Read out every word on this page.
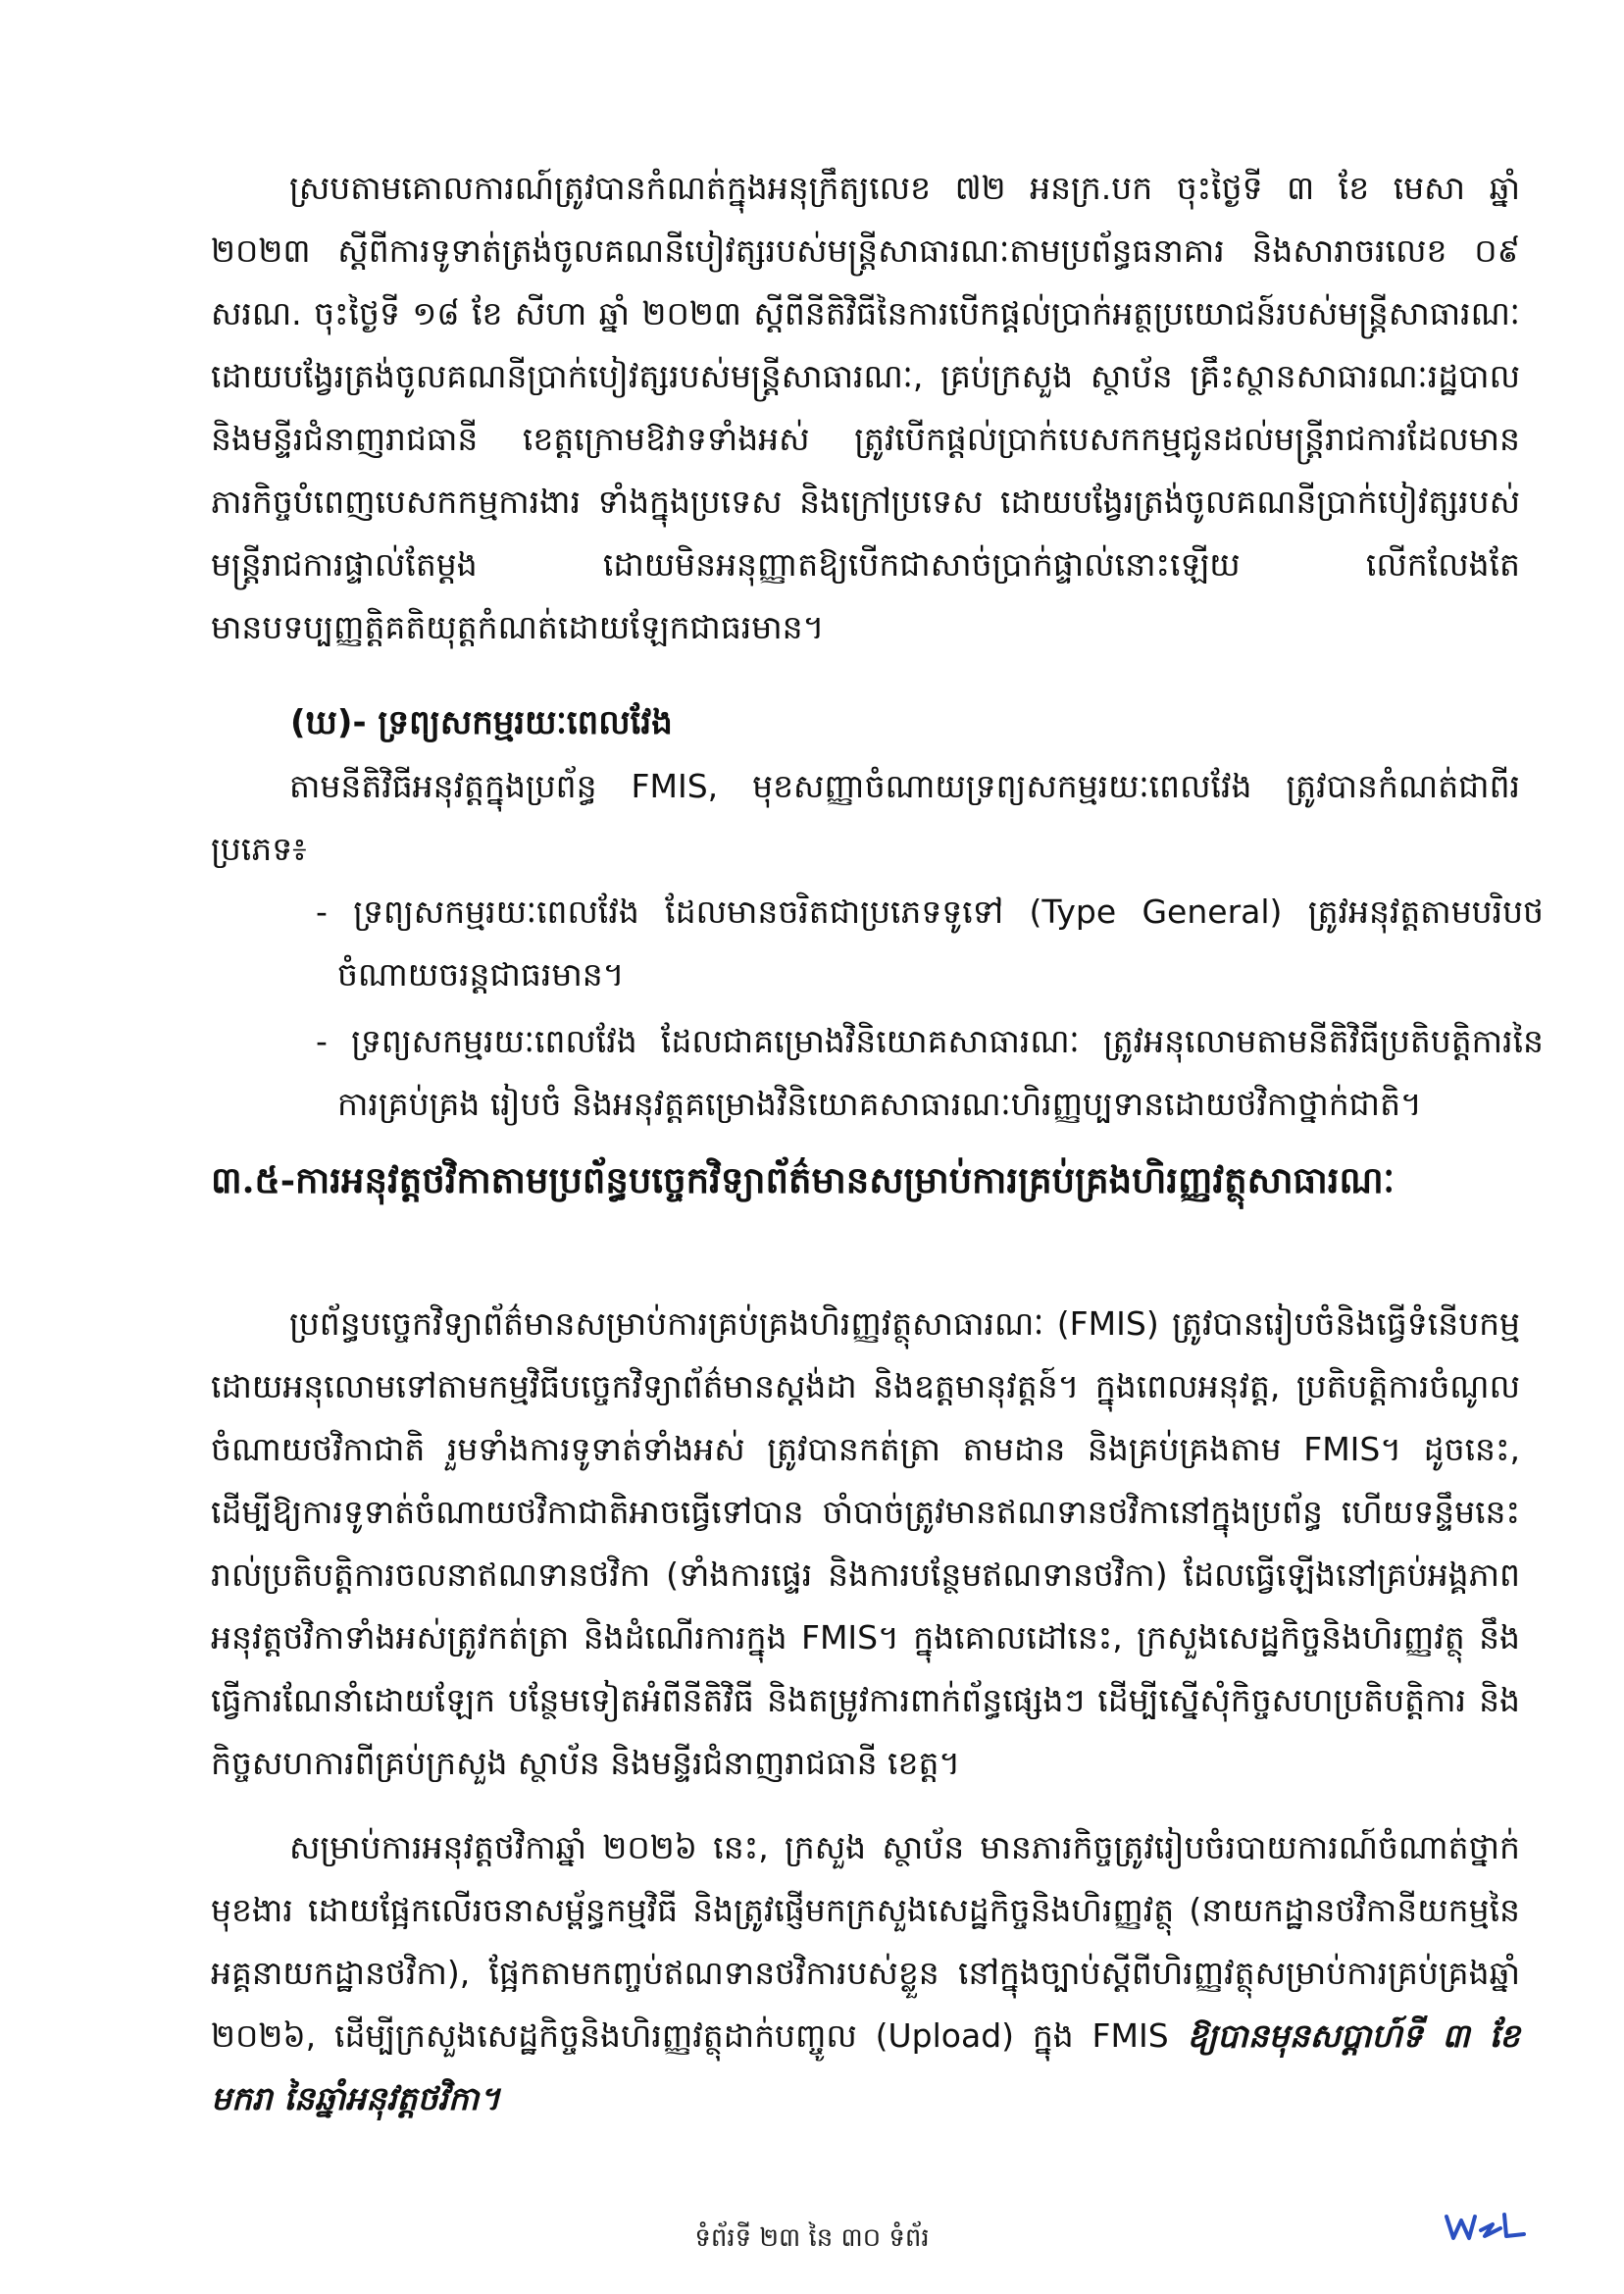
ស្របតាមគោលការណ៍ត្រូវបានកំណត់ក្នុងអនុក្រឹត្យលេខ ៧២ អនក្រ.បក ចុះថ្ងៃទី ៣ ខែ មេសា ឆ្នាំ ២០២៣ ស្ដីពីការទូទាត់ត្រង់ចូលគណនីបៀវត្សរបស់មន្ត្រីសាធារណៈតាមប្រព័ន្ធធនាគារ និងសារាចរលេខ ០៩ សរណ. ចុះថ្ងៃទី ១៨ ខែ សីហា ឆ្នាំ ២០២៣ ស្ដីពីនីតិវិធីនៃការបើកផ្ដល់ប្រាក់អត្ថប្រយោជន៍របស់មន្ត្រីសាធារណៈដោយបង្វែរត្រង់ចូលគណនីប្រាក់បៀវត្សរបស់មន្ត្រីសាធារណៈ, គ្រប់ក្រសួង ស្ថាប័ន គ្រឹះស្ថានសាធារណៈរដ្ឋបាល និងមន្ទីរជំនាញរាជធានី ខេត្តក្រោមឱវាទទាំងអស់ ត្រូវបើកផ្ដល់ប្រាក់បេសកកម្មជូនដល់មន្ត្រីរាជការដែលមានភារកិច្ចបំពេញបេសកកម្មការងារ ទាំងក្នុងប្រទេស និងក្រៅប្រទេស ដោយបង្វែរត្រង់ចូលគណនីប្រាក់បៀវត្សរបស់មន្ត្រីរាជការផ្ទាល់តែម្ដង ដោយមិនអនុញ្ញាតឱ្យបើកជាសាច់ប្រាក់ផ្ទាល់នោះឡើយ លើកលែងតែមានបទប្បញ្ញត្តិគតិយុត្តកំណត់ដោយឡែកជាធរមាន។

(ឃ)- ទ្រព្យសកម្មរយៈពេលវែង

តាមនីតិវិធីអនុវត្តក្នុងប្រព័ន្ធ FMIS, មុខសញ្ញាចំណាយទ្រព្យសកម្មរយៈពេលវែង ត្រូវបានកំណត់ជាពីរប្រភេទ៖

- ទ្រព្យសកម្មរយៈពេលវែង ដែលមានចរិតជាប្រភេទទូទៅ (Type General) ត្រូវអនុវត្តតាមបរិបថចំណាយចរន្តជាធរមាន។

- ទ្រព្យសកម្មរយៈពេលវែង ដែលជាគម្រោងវិនិយោគសាធារណៈ ត្រូវអនុលោមតាមនីតិវិធីប្រតិបត្តិការនៃការគ្រប់គ្រង រៀបចំ និងអនុវត្តគម្រោងវិនិយោគសាធារណៈហិរញ្ញប្បទានដោយថវិកាថ្នាក់ជាតិ។

៣.៥-ការអនុវត្តថវិកាតាមប្រព័ន្ធបច្ចេកវិទ្យាព័ត៌មានសម្រាប់ការគ្រប់គ្រងហិរញ្ញវត្ថុសាធារណៈ

ប្រព័ន្ធបច្ចេកវិទ្យាព័ត៌មានសម្រាប់ការគ្រប់គ្រងហិរញ្ញវត្ថុសាធារណៈ (FMIS) ត្រូវបានរៀបចំនិងធ្វើទំនើបកម្មដោយអនុលោមទៅតាមកម្មវិធីបច្ចេកវិទ្យាព័ត៌មានស្តង់ដា និងឧត្តមានុវត្តន៍។ ក្នុងពេលអនុវត្ត, ប្រតិបត្តិការចំណូល ចំណាយថវិកាជាតិ រួមទាំងការទូទាត់ទាំងអស់ ត្រូវបានកត់ត្រា តាមដាន និងគ្រប់គ្រងតាម FMIS។ ដូចនេះ, ដើម្បីឱ្យការទូទាត់ចំណាយថវិកាជាតិអាចធ្វើទៅបាន ចាំបាច់ត្រូវមានឥណទានថវិកានៅក្នុងប្រព័ន្ធ ហើយទន្ទឹមនេះ រាល់ប្រតិបត្តិការចលនាឥណទានថវិកា (ទាំងការផ្ទេរ និងការបន្ថែមឥណទានថវិកា) ដែលធ្វើឡើងនៅគ្រប់អង្គភាពអនុវត្តថវិកាទាំងអស់ត្រូវកត់ត្រា និងដំណើរការក្នុង FMIS។ ក្នុងគោលដៅនេះ, ក្រសួងសេដ្ឋកិច្ចនិងហិរញ្ញវត្ថុ នឹងធ្វើការណែនាំដោយឡែក បន្ថែមទៀតអំពីនីតិវិធី និងតម្រូវការពាក់ព័ន្ធផ្សេងៗ ដើម្បីស្នើសុំកិច្ចសហប្រតិបត្តិការ និងកិច្ចសហការពីគ្រប់ក្រសួង ស្ថាប័ន និងមន្ទីរជំនាញរាជធានី ខេត្ត។

សម្រាប់ការអនុវត្តថវិកាឆ្នាំ ២០២៦ នេះ, ក្រសួង ស្ថាប័ន មានភារកិច្ចត្រូវរៀបចំរបាយការណ៍ចំណាត់ថ្នាក់មុខងារ ដោយផ្អែកលើរចនាសម្ព័ន្ធកម្មវិធី និងត្រូវផ្ញើមកក្រសួងសេដ្ឋកិច្ចនិងហិរញ្ញវត្ថុ (នាយកដ្ឋានថវិកានីយកម្មនៃអគ្គនាយកដ្ឋានថវិកា), ផ្អែកតាមកញ្ចប់ឥណទានថវិការបស់ខ្លួន នៅក្នុងច្បាប់ស្ដីពីហិរញ្ញវត្ថុសម្រាប់ការគ្រប់គ្រងឆ្នាំ ២០២៦, ដើម្បីក្រសួងសេដ្ឋកិច្ចនិងហិរញ្ញវត្ថុដាក់បញ្ចូល (Upload) ក្នុង FMIS ឱ្យបានមុនសប្ដាហ៍ទី ៣ ខែ មករា នៃឆ្នាំអនុវត្តថវិកា។

ទំព័រទី ២៣ នៃ ៣០ ទំព័រ
